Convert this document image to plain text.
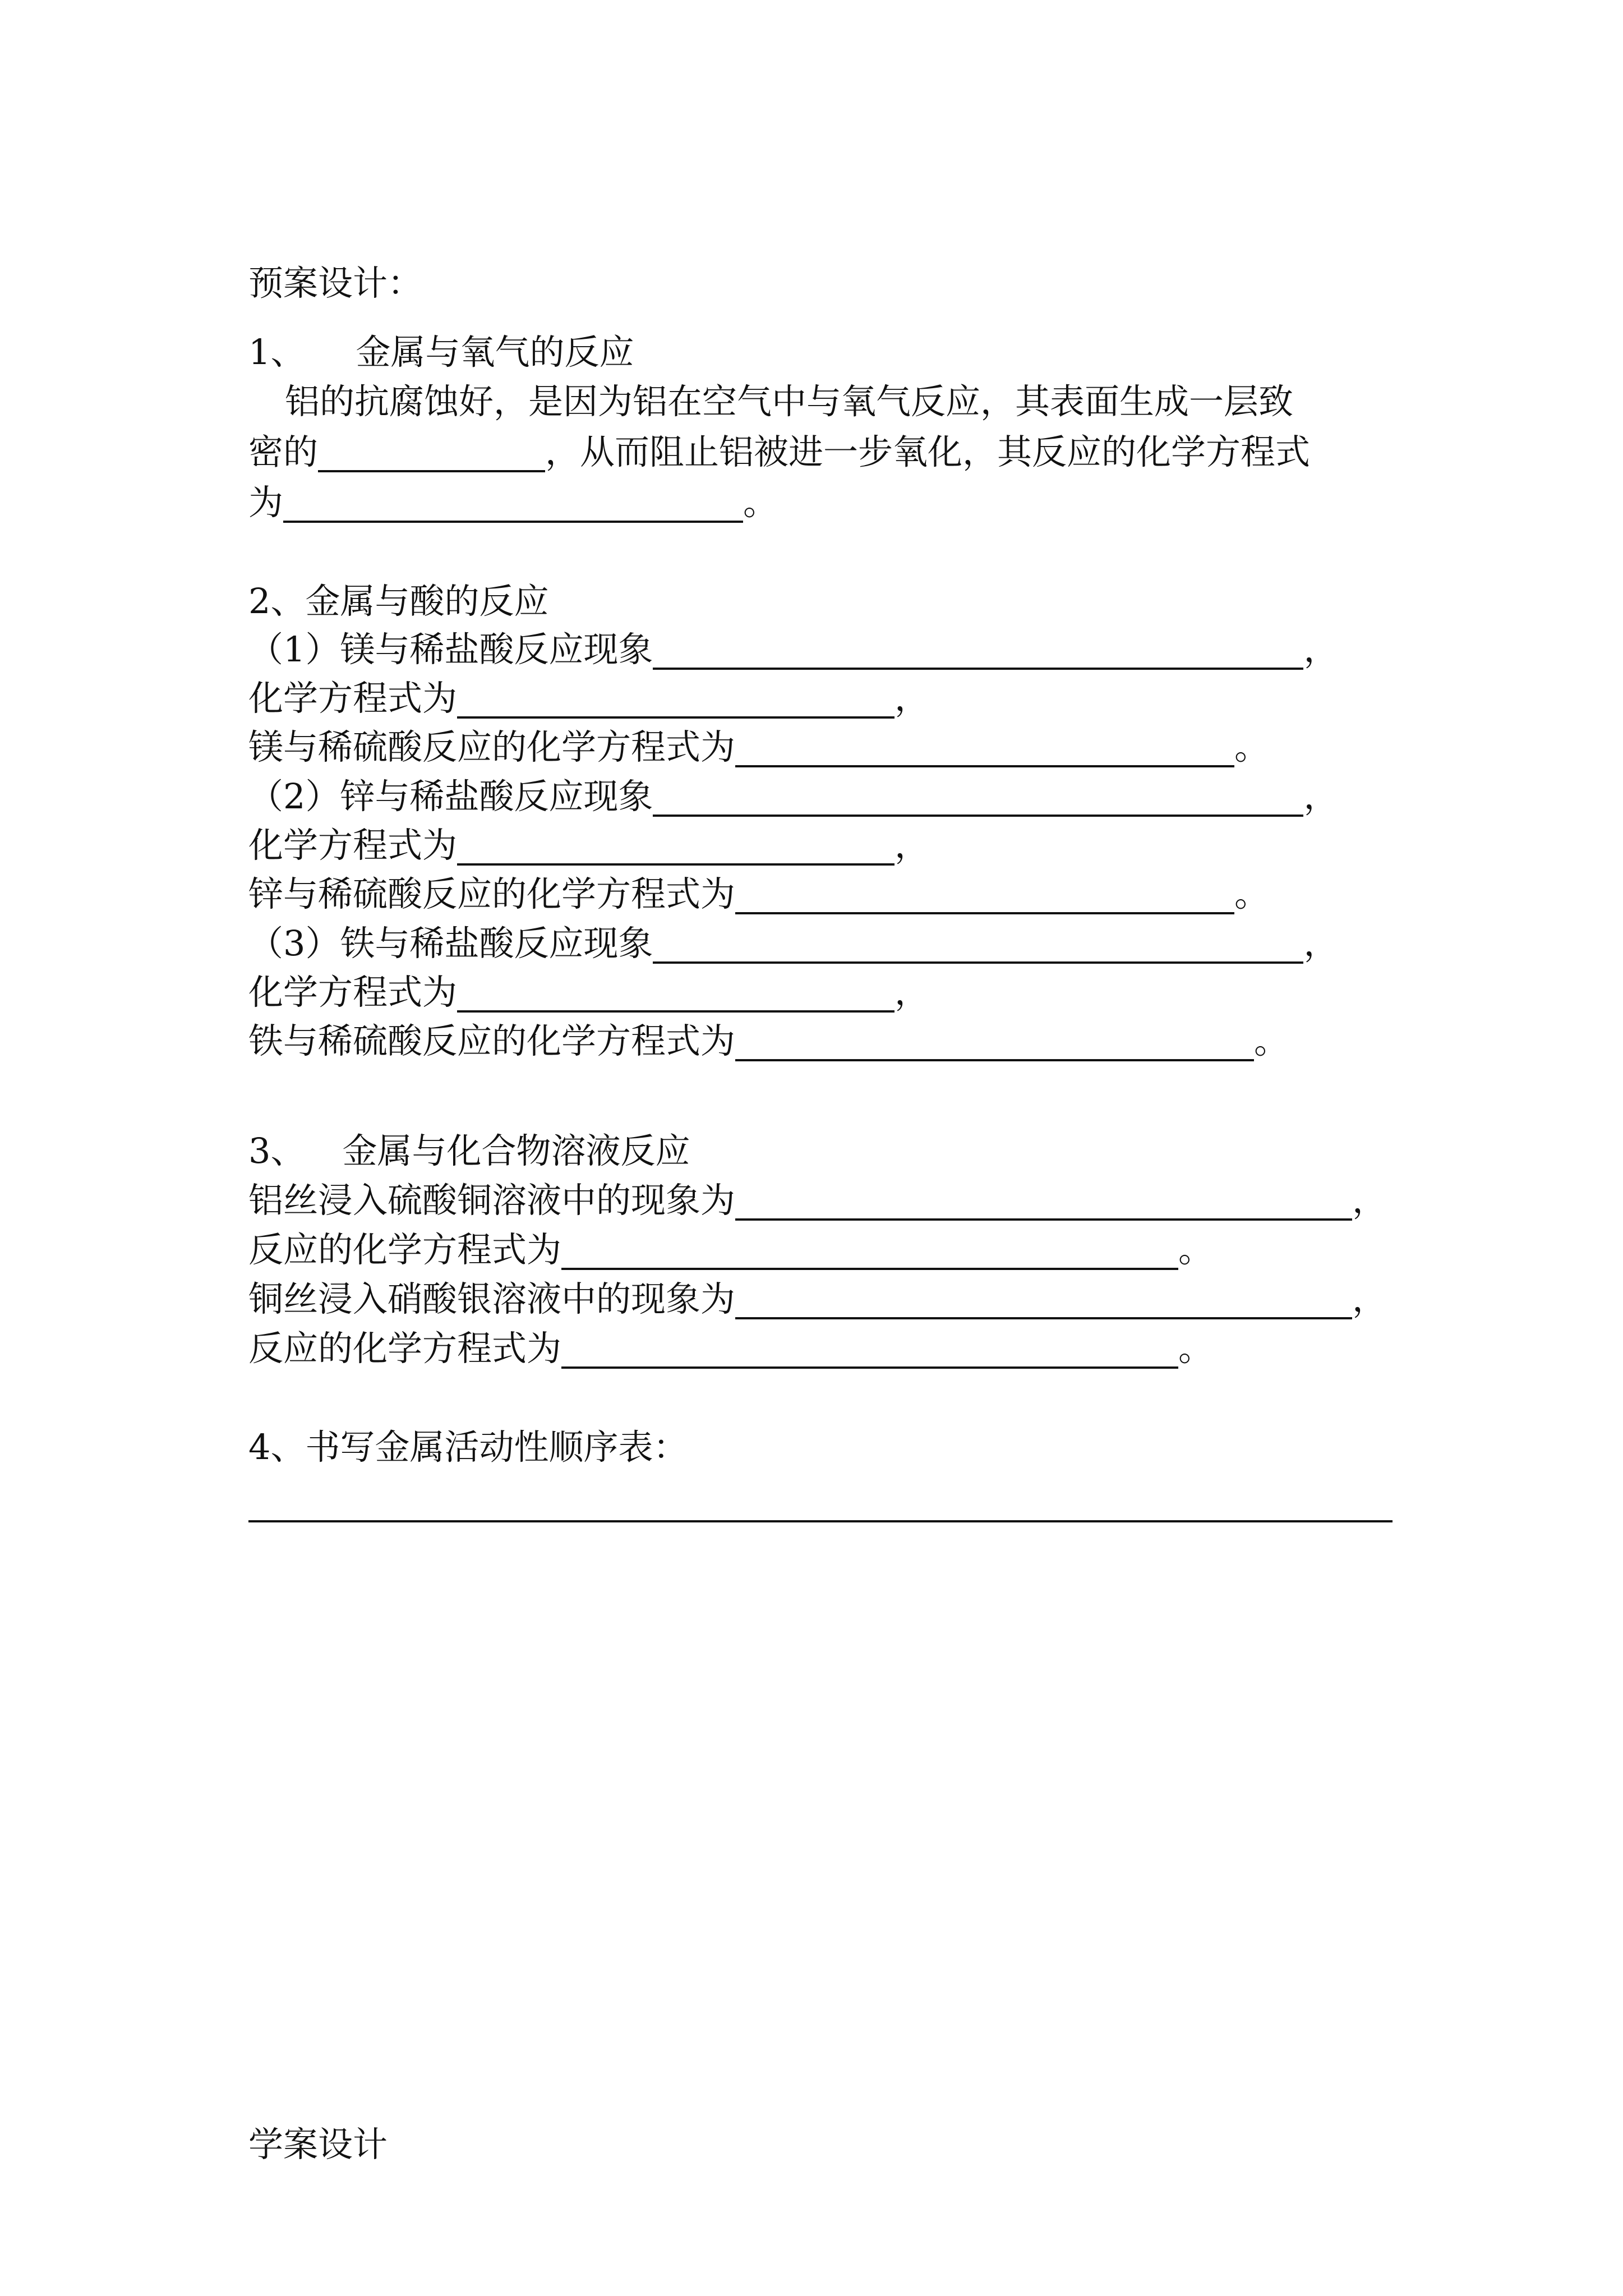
预案设计：
1、 金属与氧气的反应
铝的抗腐蚀好，是因为铝在空气中与氧气反应，其表面生成一层致
密的	，从而阻止铝被进一步氧化，其反应的化学方程式
为	。
2、金属与酸的反应
（1）镁与稀盐酸反应现象	，
化学方程式为	，
镁与稀硫酸反应的化学方程式为	。
（2）锌与稀盐酸反应现象	，
化学方程式为	，
锌与稀硫酸反应的化学方程式为	。
（3）铁与稀盐酸反应现象	，
化学方程式为	，
铁与稀硫酸反应的化学方程式为	。
3、 金属与化合物溶液反应
铝丝浸入硫酸铜溶液中的现象为	，
反应的化学方程式为	。
铜丝浸入硝酸银溶液中的现象为	，
反应的化学方程式为	。
4、书写金属活动性顺序表：
学案设计
